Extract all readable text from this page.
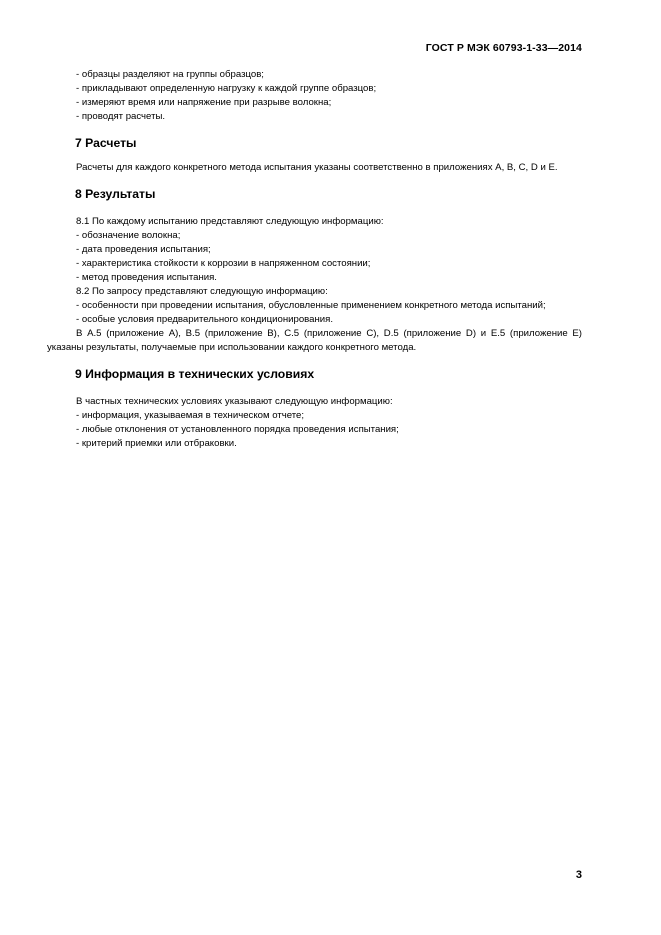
ГОСТ Р МЭК 60793-1-33—2014

- образцы разделяют на группы образцов;

- прикладывают определенную нагрузку к каждой группе образцов;

- измеряют время или напряжение при разрыве волокна;

- проводят расчеты.

7 Расчеты

Расчеты для каждого конкретного метода испытания указаны соответственно в приложениях A, B, C, D и E.

8 Результаты

8.1 По каждому испытанию представляют следующую информацию:

- обозначение волокна;

- дата проведения испытания;

- характеристика стойкости к коррозии в напряженном состоянии;

- метод проведения испытания.

8.2 По запросу представляют следующую информацию:

- особенности при проведении испытания, обусловленные применением конкретного метода испытаний;

- особые условия предварительного кондиционирования.

В A.5 (приложение A), B.5 (приложение B), C.5 (приложение C), D.5 (приложение D) и E.5 (приложение E) указаны результаты, получаемые при использовании каждого конкретного метода.

9 Информация в технических условиях

В частных технических условиях указывают следующую информацию:

- информация, указываемая в техническом отчете;

- любые отклонения от установленного порядка проведения испытания;

- критерий приемки или отбраковки.

3
